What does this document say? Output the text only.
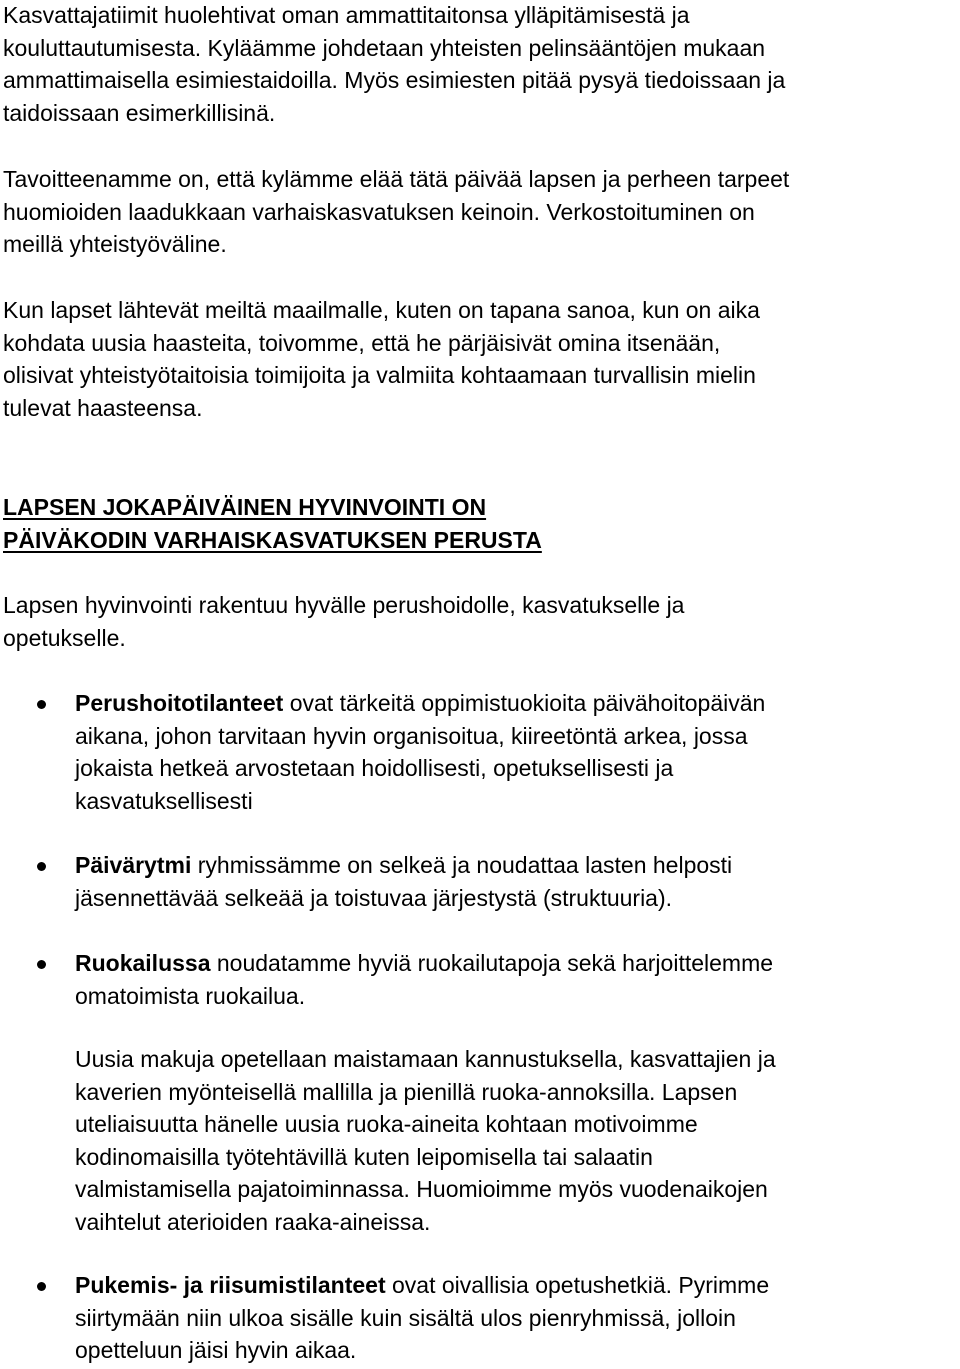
Kasvattajatiimit huolehtivat oman ammattitaitonsa ylläpitämisestä ja
kouluttautumisesta. Kyläämme johdetaan yhteisten pelinsääntöjen mukaan
ammattimaisella esimiestaidoilla. Myös esimiesten pitää pysyä tiedoissaan ja
taidoissaan esimerkillisinä.

Tavoitteenamme on, että kylämme elää tätä päivää lapsen ja perheen tarpeet
huomioiden laadukkaan varhaiskasvatuksen keinoin. Verkostoituminen on
meillä yhteistyöväline.

Kun lapset lähtevät meiltä maailmalle, kuten on tapana sanoa, kun on aika
kohdata uusia haasteita, toivomme, että he pärjäisivät omina itsenään,
olisivat yhteistyötaitoisia toimijoita ja valmiita kohtaamaan turvallisin mielin
tulevat haasteensa.

LAPSEN JOKAPÄIVÄINEN HYVINVOINTI ON
PÄIVÄKODIN VARHAISKASVATUKSEN PERUSTA

Lapsen hyvinvointi rakentuu hyvälle perushoidolle, kasvatukselle ja
opetukselle.

Perushoitotilanteet ovat tärkeitä oppimistuokioita päivähoitopäivän
aikana, johon tarvitaan hyvin organisoitua, kiireetöntä arkea, jossa
jokaista hetkeä arvostetaan hoidollisesti, opetuksellisesti ja
kasvatuksellisesti
Päivärytmi ryhmissämme on selkeä ja noudattaa lasten helposti
jäsennettävää selkeää ja toistuvaa järjestystä (struktuuria).
Ruokailussa noudatamme hyviä ruokailutapoja sekä harjoittelemme
omatoimista ruokailua.
Uusia makuja opetellaan maistamaan kannustuksella, kasvattajien ja
kaverien myönteisellä mallilla ja pienillä ruoka-annoksilla. Lapsen
uteliaisuutta hänelle uusia ruoka-aineita kohtaan motivoimme
kodinomaisilla työtehtävillä kuten leipomisella tai salaatin
valmistamisella pajatoiminnassa. Huomioimme myös vuodenaikojen
vaihtelut aterioiden raaka-aineissa.
Pukemis- ja riisumistilanteet ovat oivallisia opetushetkiä. Pyrimme
siirtymään niin ulkoa sisälle kuin sisältä ulos pienryhmissä, jolloin
opetteluun jäisi hyvin aikaa.
